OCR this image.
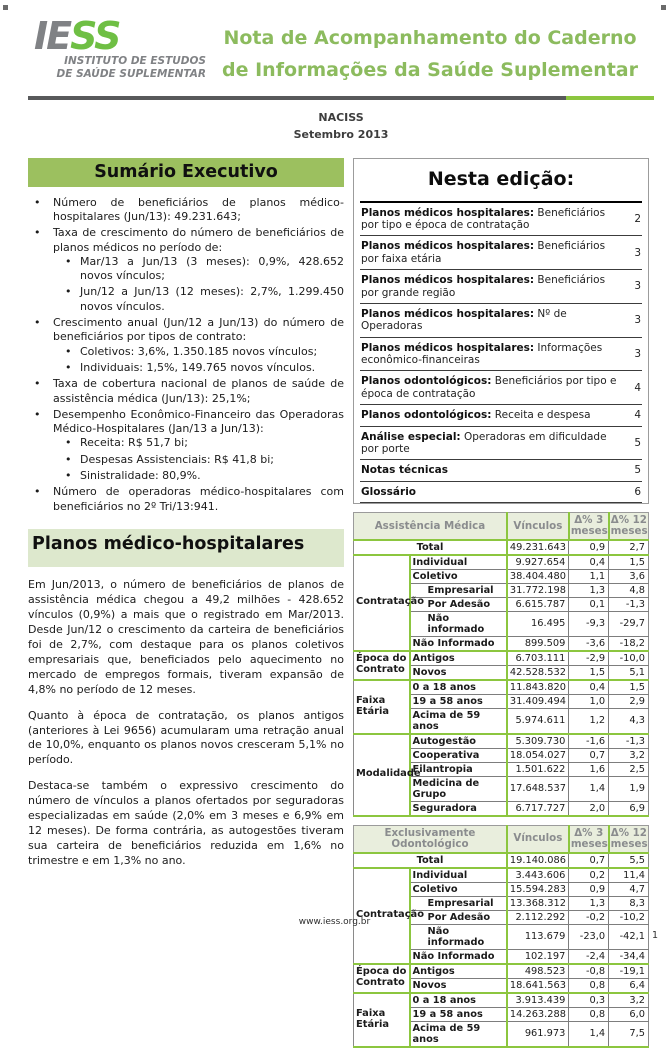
IESS
INSTITUTO DE ESTUDOS
DE SAÚDE SUPLEMENTAR
Nota de Acompanhamento do Caderno
de Informações da Saúde Suplementar
NACISS
Setembro 2013
Sumário Executivo
• Número de beneficiários de planos médico-hospitalares (Jun/13): 49.231.643;
• Taxa de crescimento do número de beneficiários de planos médicos no período de:
• Mar/13 a Jun/13 (3 meses): 0,9%, 428.652 novos vínculos;
• Jun/12 a Jun/13 (12 meses): 2,7%, 1.299.450 novos vínculos.
• Crescimento anual (Jun/12 a Jun/13) do número de beneficiários por tipos de contrato:
• Coletivos: 3,6%, 1.350.185 novos vínculos;
• Individuais: 1,5%, 149.765 novos vínculos.
• Taxa de cobertura nacional de planos de saúde de assistência médica (Jun/13): 25,1%;
• Desempenho Econômico-Financeiro das Operadoras Médico-Hospitalares (Jan/13 a Jun/13):
• Receita: R$ 51,7 bi;
• Despesas Assistenciais: R$ 41,8 bi;
• Sinistralidade: 80,9%.
• Número de operadoras médico-hospitalares com beneficiários no 2º Tri/13:941.
Planos médico-hospitalares

Em Jun/2013, o número de beneficiários de planos de assistência médica chegou a 49,2 milhões - 428.652 vínculos (0,9%) a mais que o registrado em Mar/2013. Desde Jun/12 o crescimento da carteira de beneficiários foi de 2,7%, com destaque para os planos coletivos empresariais que, beneficiados pelo aquecimento no mercado de empregos formais, tiveram expansão de 4,8% no período de 12 meses.

Quanto à época de contratação, os planos antigos (anteriores à Lei 9656) acumularam uma retração anual de 10,0%, enquanto os planos novos cresceram 5,1% no período.

Destaca-se também o expressivo crescimento do número de vínculos a planos ofertados por seguradoras especializadas em saúde (2,0% em 3 meses e 6,9% em 12 meses). De forma contrária, as autogestões tiveram sua carteira de beneficiários reduzida em 1,6% no trimestre e em 1,3% no ano.

Nesta edição:
Planos médicos hospitalares: Beneficiários por tipo e época de contratação
2
Planos médicos hospitalares: Beneficiários por faixa etária
3
Planos médicos hospitalares: Beneficiários por grande região
3
Planos médicos hospitalares: Nº de Operadoras
3
Planos médicos hospitalares: Informações econômico-financeiras
3
Planos odontológicos: Beneficiários por tipo e época de contratação
4
Planos odontológicos: Receita e despesa	4
Análise especial: Operadoras em dificuldade por porte
5
Notas técnicas	5
Glossário	6
Assistência Médica		Vínculos	Δ% 3 meses	Δ% 12 meses
Total		49.231.643	0,9	2,7
Contratação	Individual	9.927.654	0,4	1,5
	Coletivo	38.404.480	1,1	3,6
	Empresarial	31.772.198	1,3	4,8
	Por Adesão	6.615.787	0,1	-1,3
	Não informado	16.495	-9,3	-29,7
	Não Informado	899.509	-3,6	-18,2
Época do Contrato	Antigos	6.703.111	-2,9	-10,0
	Novos	42.528.532	1,5	5,1
Faixa Etária	0 a 18 anos	11.843.820	0,4	1,5
	19 a 58 anos	31.409.494	1,0	2,9
	Acima de 59 anos	5.974.611	1,2	4,3
Modalidade	Autogestão	5.309.730	-1,6	-1,3
	Cooperativa	18.054.027	0,7	3,2
	Filantropia	1.501.622	1,6	2,5
	Medicina de Grupo	17.648.537	1,4	1,9
	Seguradora	6.717.727	2,0	6,9
Exclusivamente Odontológico		Vínculos	Δ% 3 meses	Δ% 12 meses
Total		19.140.086	0,7	5,5
Contratação	Individual	3.443.606	0,2	11,4
	Coletivo	15.594.283	0,9	4,7
	Empresarial	13.368.312	1,3	8,3
	Por Adesão	2.112.292	-0,2	-10,2
	Não informado	113.679	-23,0	-42,1
	Não Informado	102.197	-2,4	-34,4
Época do Contrato	Antigos	498.523	-0,8	-19,1
	Novos	18.641.563	0,8	6,4
Faixa Etária	0 a 18 anos	3.913.439	0,3	3,2
	19 a 58 anos	14.263.288	0,8	6,0
	Acima de 59 anos	961.973	1,4	7,5
www.iess.org.br
1
